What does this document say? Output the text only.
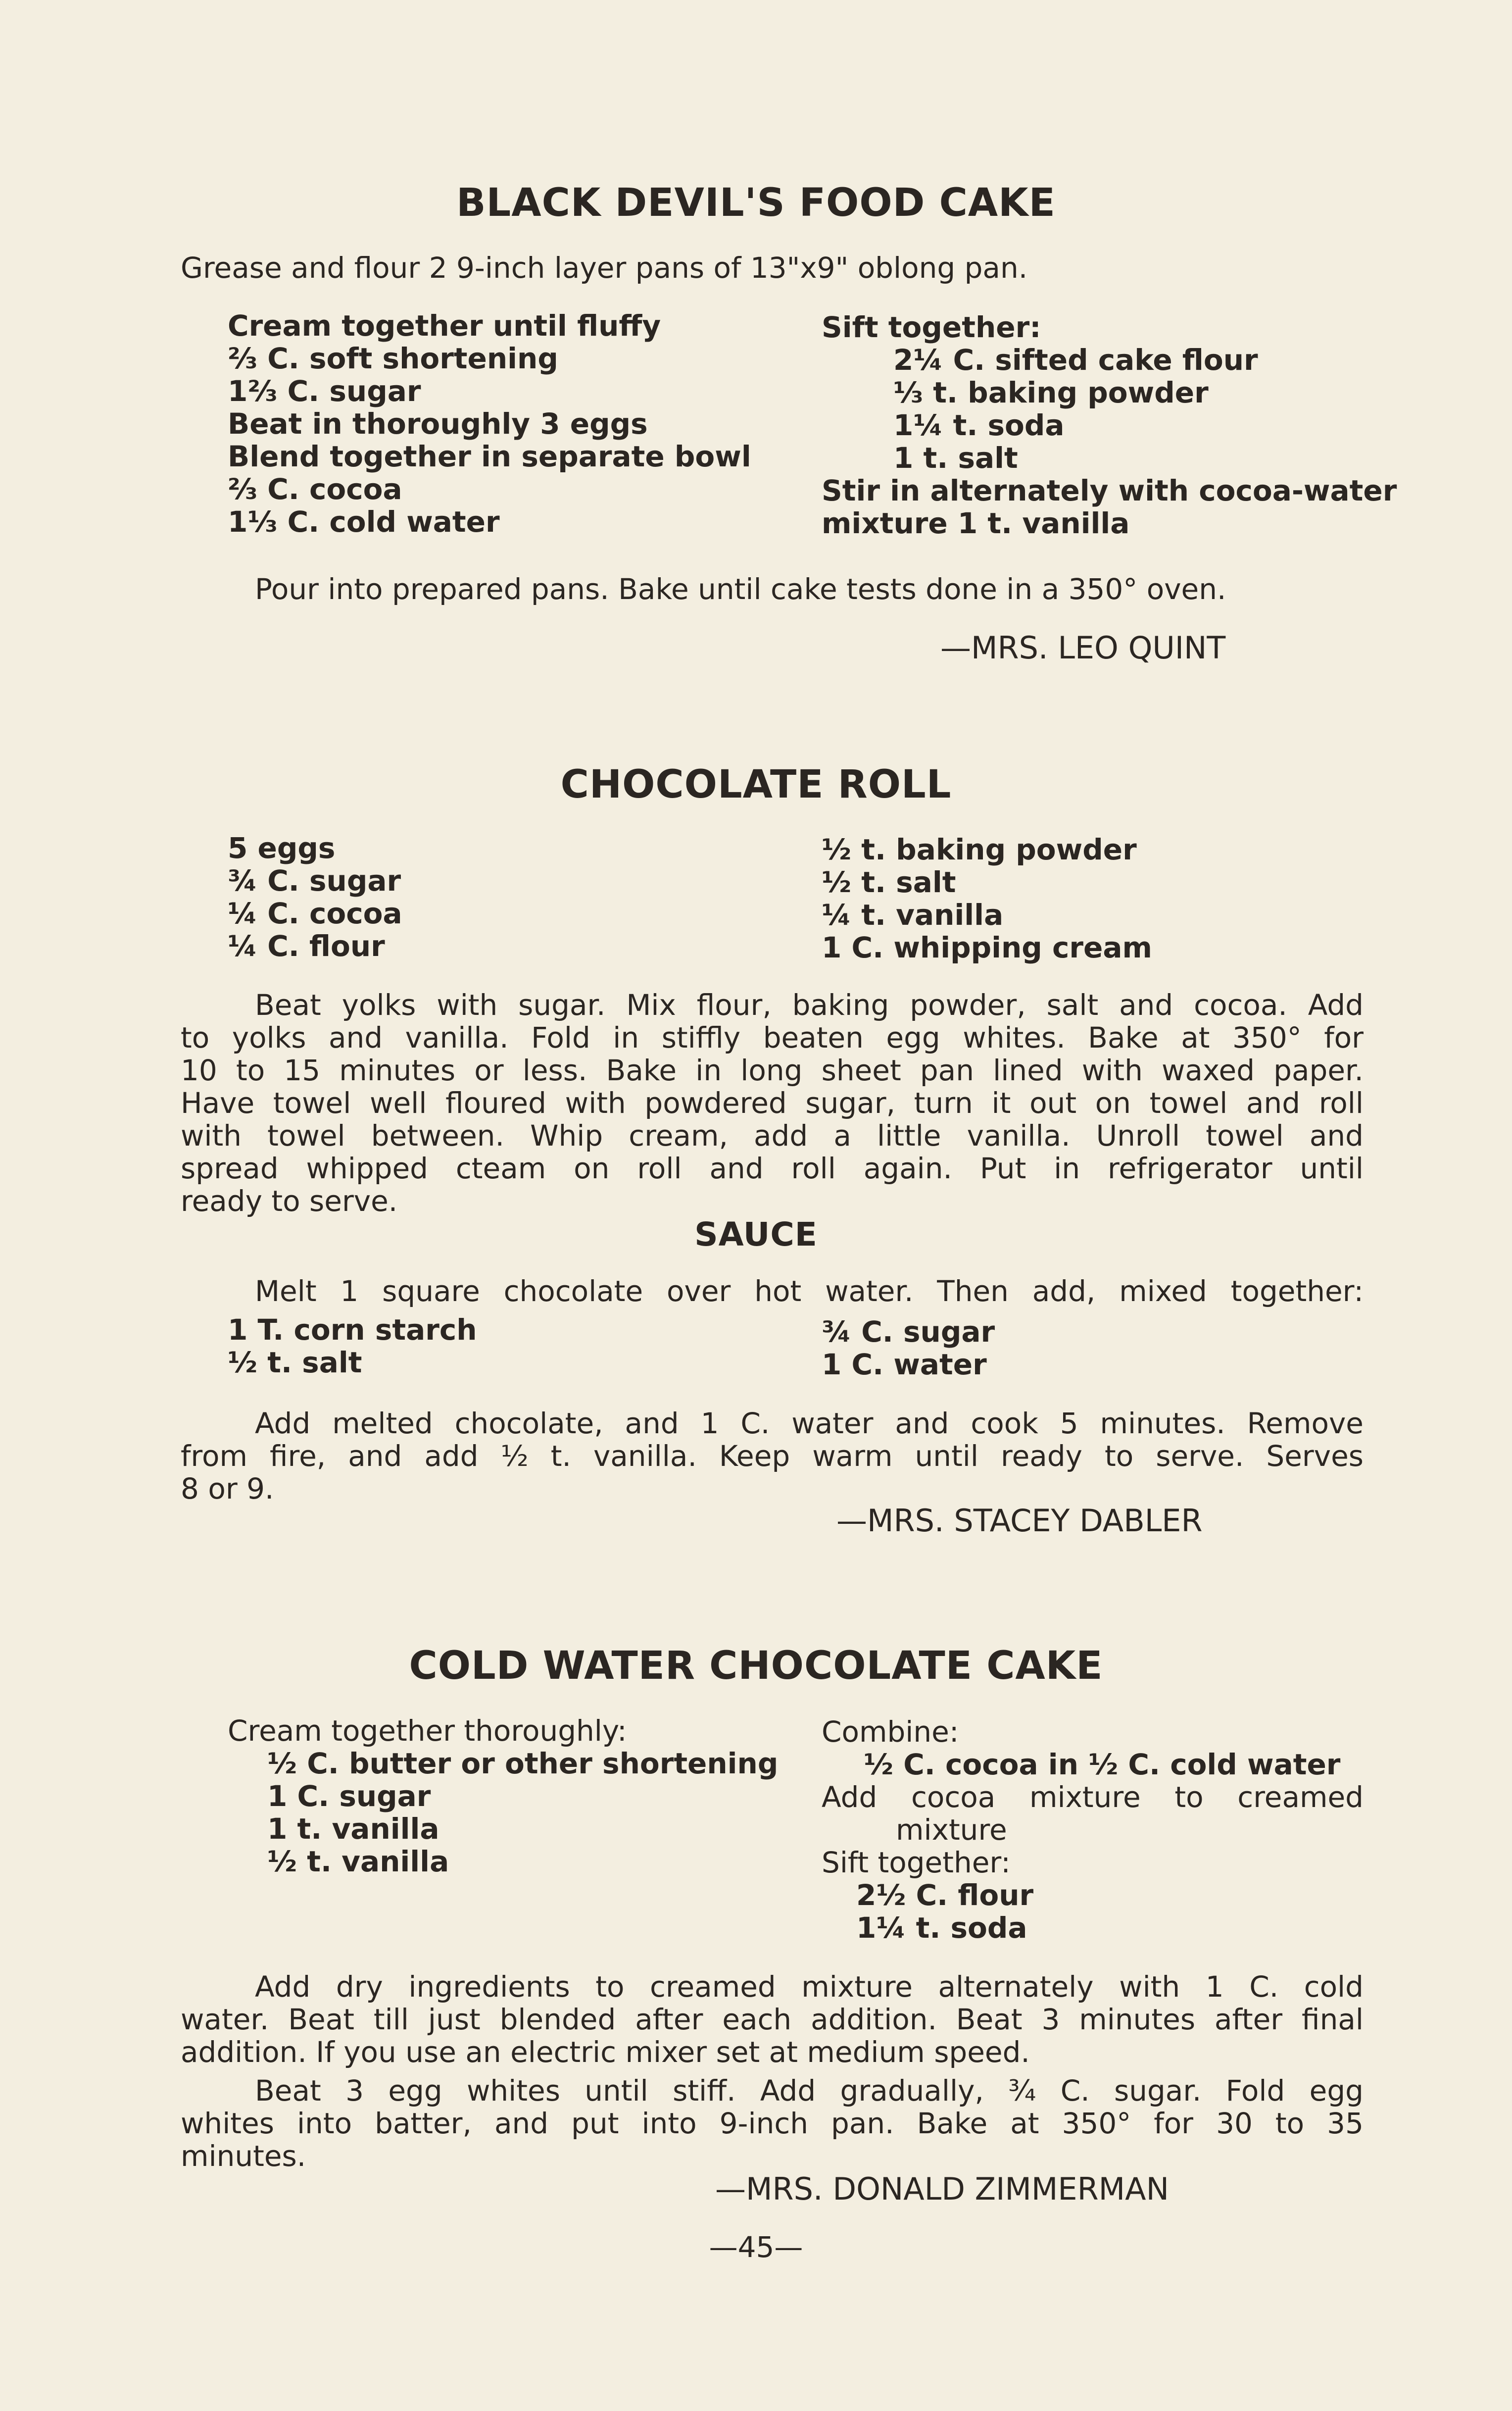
BLACK DEVIL'S FOOD CAKE
Grease and flour 2 9-inch layer pans of 13"x9" oblong pan.
Cream together until fluffy
⅔ C. soft shortening
1⅔ C. sugar
Beat in thoroughly 3 eggs
Blend together in separate bowl
⅔ C. cocoa
1⅓ C. cold water
Sift together:
2¼ C. sifted cake flour
⅓ t. baking powder
1¼ t. soda
1 t. salt
Stir in alternately with cocoa-water
mixture 1 t. vanilla
Pour into prepared pans. Bake until cake tests done in a 350° oven.
—MRS. LEO QUINT
CHOCOLATE ROLL
5 eggs
¾ C. sugar
¼ C. cocoa
¼ C. flour
½ t. baking powder
½ t. salt
¼ t. vanilla
1 C. whipping cream
Beat yolks with sugar. Mix flour, baking powder, salt and cocoa. Add
to yolks and vanilla. Fold in stiffly beaten egg whites. Bake at 350° for
10 to 15 minutes or less. Bake in long sheet pan lined with waxed paper.
Have towel well floured with powdered sugar, turn it out on towel and roll
with towel between. Whip cream, add a little vanilla. Unroll towel and
spread whipped cteam on roll and roll again. Put in refrigerator until
ready to serve.
SAUCE
Melt 1 square chocolate over hot water. Then add, mixed together:
1 T. corn starch
½ t. salt
¾ C. sugar
1 C. water
Add melted chocolate, and 1 C. water and cook 5 minutes. Remove
from fire, and add ½ t. vanilla. Keep warm until ready to serve. Serves
8 or 9.
—MRS. STACEY DABLER
COLD WATER CHOCOLATE CAKE
Cream together thoroughly:
½ C. butter or other shortening
1 C. sugar
1 t. vanilla
½ t. vanilla
Combine:
½ C. cocoa in ½ C. cold water
Add cocoa mixture to creamed
mixture
Sift together:
2½ C. flour
1¼ t. soda
Add dry ingredients to creamed mixture alternately with 1 C. cold
water. Beat till just blended after each addition. Beat 3 minutes after final
addition. If you use an electric mixer set at medium speed.
Beat 3 egg whites until stiff. Add gradually, ¾ C. sugar. Fold egg
whites into batter, and put into 9-inch pan. Bake at 350° for 30 to 35
minutes.
—MRS. DONALD ZIMMERMAN
—45—
